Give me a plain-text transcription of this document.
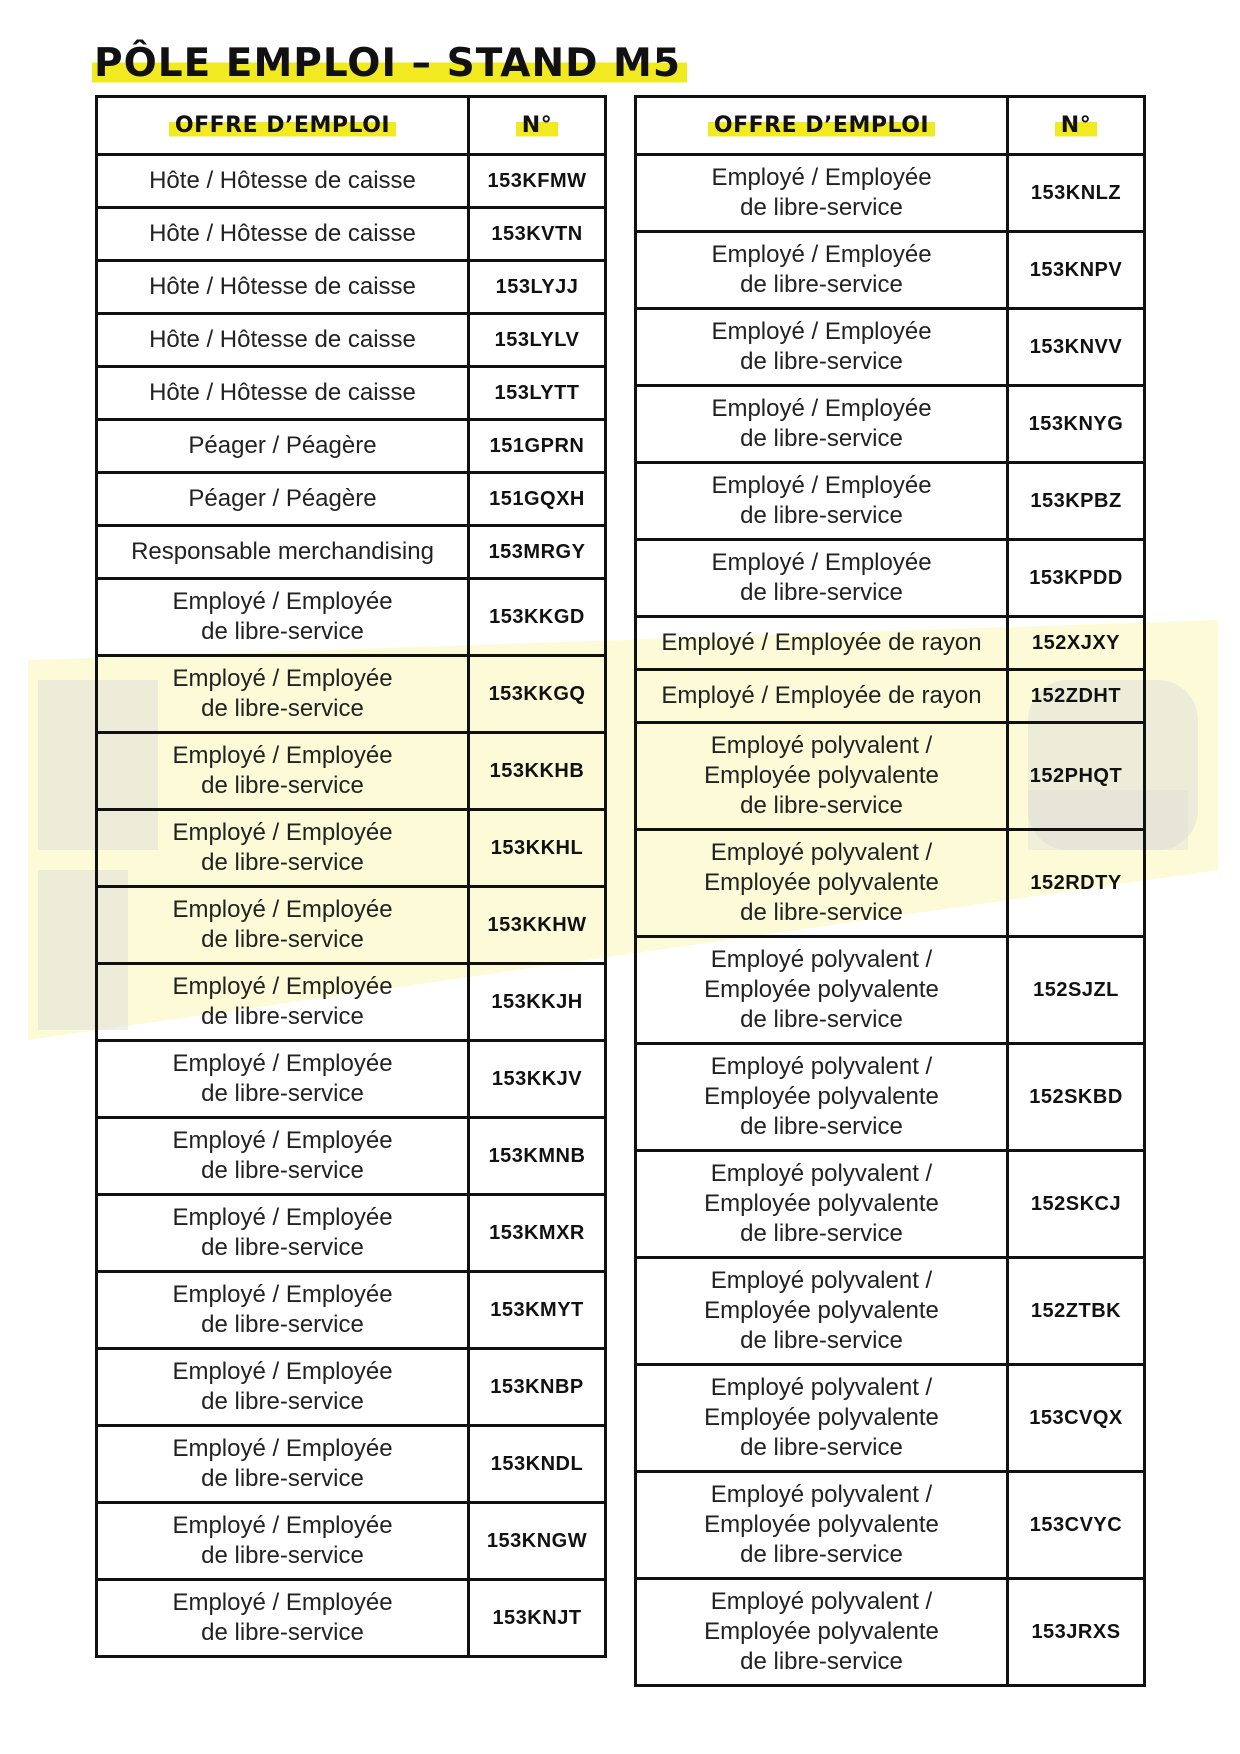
PÔLE EMPLOI – STAND M5
OFFRE D’EMPLOI	N°
Hôte / Hôtesse de caisse	153KFMW
Hôte / Hôtesse de caisse	153KVTN
Hôte / Hôtesse de caisse	153LYJJ
Hôte / Hôtesse de caisse	153LYLV
Hôte / Hôtesse de caisse	153LYTT
Péager / Péagère	151GPRN
Péager / Péagère	151GQXH
Responsable merchandising	153MRGY
Employé / Employée
de libre-service	153KKGD
Employé / Employée
de libre-service	153KKGQ
Employé / Employée
de libre-service	153KKHB
Employé / Employée
de libre-service	153KKHL
Employé / Employée
de libre-service	153KKHW
Employé / Employée
de libre-service	153KKJH
Employé / Employée
de libre-service	153KKJV
Employé / Employée
de libre-service	153KMNB
Employé / Employée
de libre-service	153KMXR
Employé / Employée
de libre-service	153KMYT
Employé / Employée
de libre-service	153KNBP
Employé / Employée
de libre-service	153KNDL
Employé / Employée
de libre-service	153KNGW
Employé / Employée
de libre-service	153KNJT
OFFRE D’EMPLOI	N°
Employé / Employée
de libre-service	153KNLZ
Employé / Employée
de libre-service	153KNPV
Employé / Employée
de libre-service	153KNVV
Employé / Employée
de libre-service	153KNYG
Employé / Employée
de libre-service	153KPBZ
Employé / Employée
de libre-service	153KPDD
Employé / Employée de rayon	152XJXY
Employé / Employée de rayon	152ZDHT
Employé polyvalent /
Employée polyvalente
de libre-service	152PHQT
Employé polyvalent /
Employée polyvalente
de libre-service	152RDTY
Employé polyvalent /
Employée polyvalente
de libre-service	152SJZL
Employé polyvalent /
Employée polyvalente
de libre-service	152SKBD
Employé polyvalent /
Employée polyvalente
de libre-service	152SKCJ
Employé polyvalent /
Employée polyvalente
de libre-service	152ZTBK
Employé polyvalent /
Employée polyvalente
de libre-service	153CVQX
Employé polyvalent /
Employée polyvalente
de libre-service	153CVYC
Employé polyvalent /
Employée polyvalente
de libre-service	153JRXS
